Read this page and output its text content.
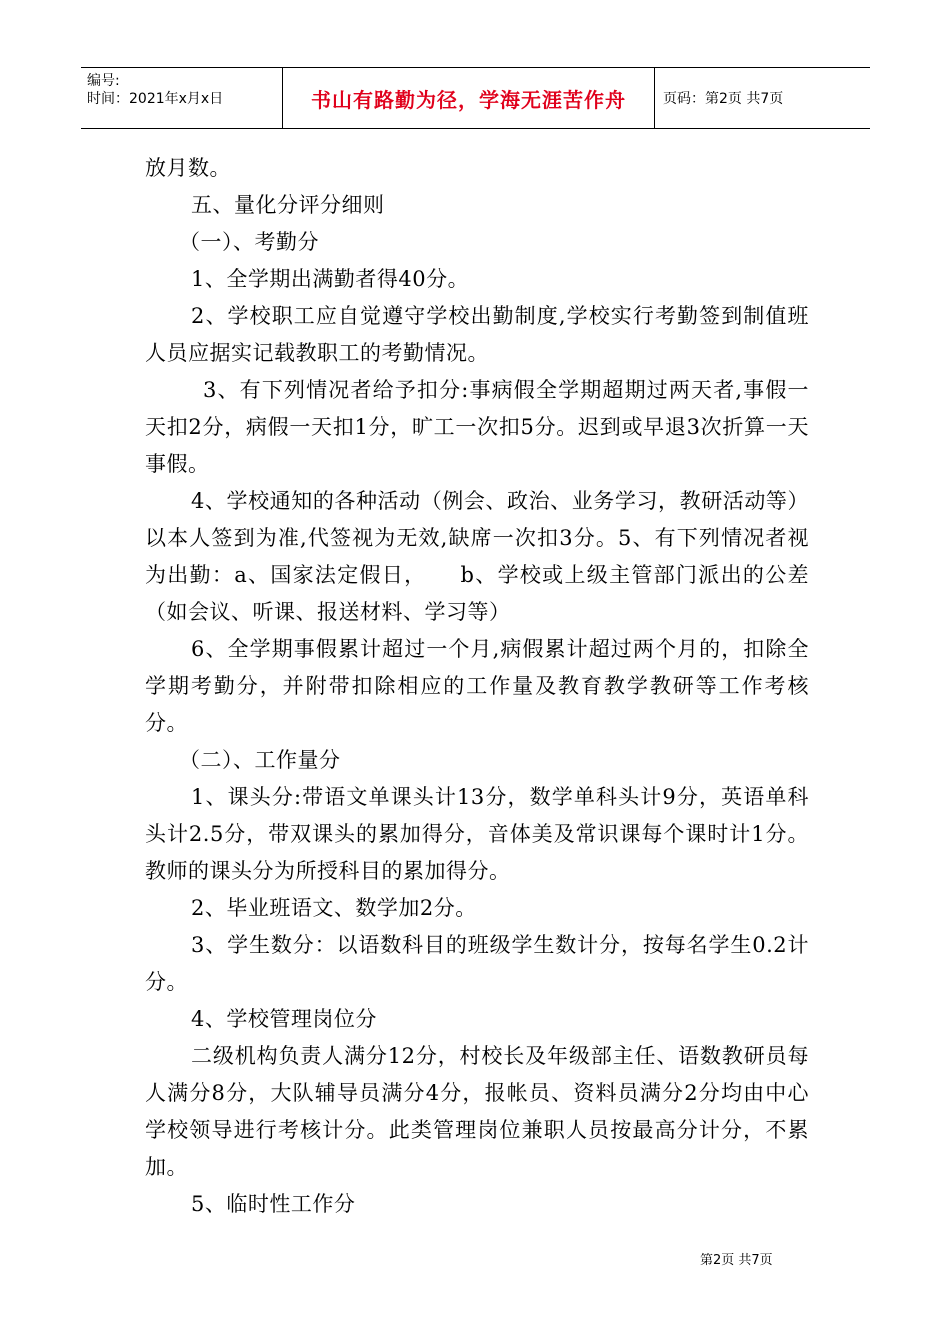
编号:
时间：2021年x月x日	书山有路勤为径，学海无涯苦作舟	页码：第2页 共7页

放月数。

五、量化分评分细则

（一）、考勤分

1、全学期出满勤者得40分。

2、学校职工应自觉遵守学校出勤制度,学校实行考勤签到制值班人员应据实记载教职工的考勤情况。

3、有下列情况者给予扣分:事病假全学期超期过两天者,事假一天扣2分，病假一天扣1分，旷工一次扣5分。迟到或早退3次折算一天事假。

4、学校通知的各种活动（例会、政治、业务学习，教研活动等）以本人签到为准,代签视为无效,缺席一次扣3分。5、有下列情况者视为出勤：a、国家法定假日，　　b、学校或上级主管部门派出的公差（如会议、听课、报送材料、学习等）

6、全学期事假累计超过一个月,病假累计超过两个月的，扣除全学期考勤分，并附带扣除相应的工作量及教育教学教研等工作考核分。

（二）、工作量分

1、课头分:带语文单课头计13分，数学单科头计9分，英语单科头计2.5分，带双课头的累加得分，音体美及常识课每个课时计1分。教师的课头分为所授科目的累加得分。

2、毕业班语文、数学加2分。

3、学生数分：以语数科目的班级学生数计分，按每名学生0.2计分。

4、学校管理岗位分

二级机构负责人满分12分，村校长及年级部主任、语数教研员每人满分8分，大队辅导员满分4分，报帐员、资料员满分2分均由中心学校领导进行考核计分。此类管理岗位兼职人员按最高分计分，不累加。

5、临时性工作分

第2页 共7页
